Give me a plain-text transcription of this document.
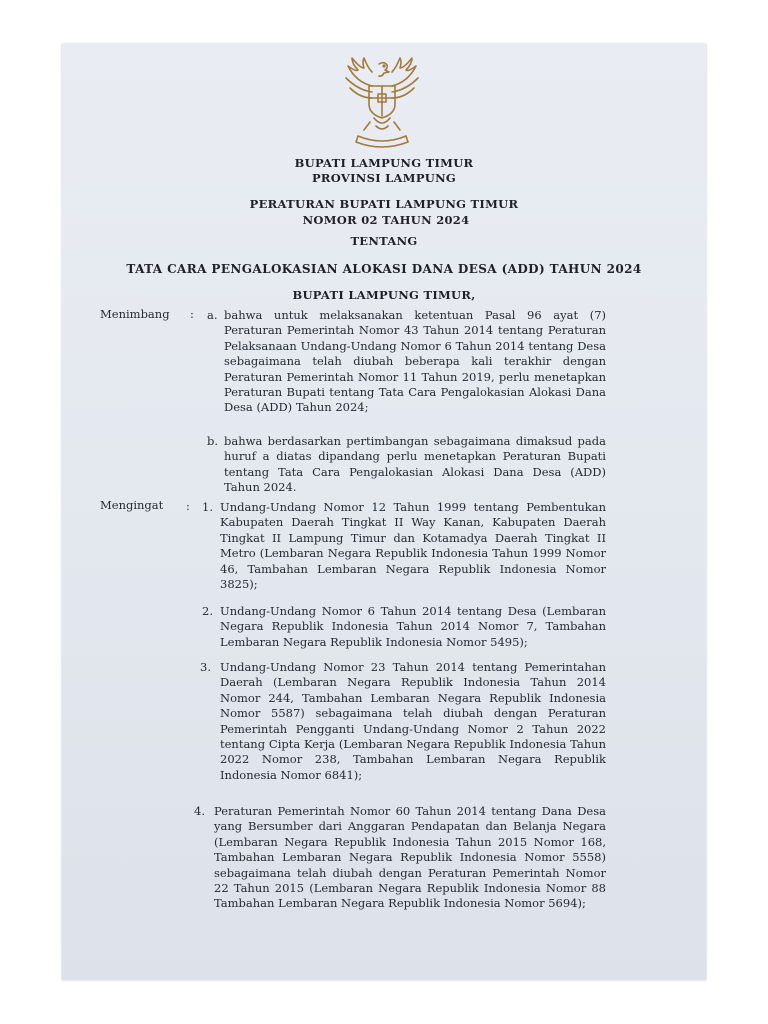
BUPATI LAMPUNG TIMUR
PROVINSI LAMPUNG
PERATURAN BUPATI LAMPUNG TIMUR
NOMOR 02 TAHUN 2024
TENTANG
TATA CARA PENGALOKASIAN ALOKASI DANA DESA (ADD) TAHUN 2024
BUPATI LAMPUNG TIMUR,
Menimbang : a. bahwa untuk melaksanakan ketentuan Pasal 96 ayat (7) Peraturan Pemerintah Nomor 43 Tahun 2014 tentang Peraturan Pelaksanaan Undang-Undang Nomor 6 Tahun 2014 tentang Desa sebagaimana telah diubah beberapa kali terakhir dengan Peraturan Pemerintah Nomor 11 Tahun 2019, perlu menetapkan Peraturan Bupati tentang Tata Cara Pengalokasian Alokasi Dana Desa (ADD) Tahun 2024;

b. bahwa berdasarkan pertimbangan sebagaimana dimaksud pada huruf a diatas dipandang perlu menetapkan Peraturan Bupati tentang Tata Cara Pengalokasian Alokasi Dana Desa (ADD) Tahun 2024.

Mengingat : 1. Undang-Undang Nomor 12 Tahun 1999 tentang Pembentukan Kabupaten Daerah Tingkat II Way Kanan, Kabupaten Daerah Tingkat II Lampung Timur dan Kotamadya Daerah Tingkat II Metro (Lembaran Negara Republik Indonesia Tahun 1999 Nomor 46, Tambahan Lembaran Negara Republik Indonesia Nomor 3825);

2. Undang-Undang Nomor 6 Tahun 2014 tentang Desa (Lembaran Negara Republik Indonesia Tahun 2014 Nomor 7, Tambahan Lembaran Negara Republik Indonesia Nomor 5495);

3. Undang-Undang Nomor 23 Tahun 2014 tentang Pemerintahan Daerah (Lembaran Negara Republik Indonesia Tahun 2014 Nomor 244, Tambahan Lembaran Negara Republik Indonesia Nomor 5587) sebagaimana telah diubah dengan Peraturan Pemerintah Pengganti Undang-Undang Nomor 2 Tahun 2022 tentang Cipta Kerja (Lembaran Negara Republik Indonesia Tahun 2022 Nomor 238, Tambahan Lembaran Negara Republik Indonesia Nomor 6841);

4. Peraturan Pemerintah Nomor 60 Tahun 2014 tentang Dana Desa yang Bersumber dari Anggaran Pendapatan dan Belanja Negara (Lembaran Negara Republik Indonesia Tahun 2015 Nomor 168, Tambahan Lembaran Negara Republik Indonesia Nomor 5558) sebagaimana telah diubah dengan Peraturan Pemerintah Nomor 22 Tahun 2015 (Lembaran Negara Republik Indonesia Nomor 88 Tambahan Lembaran Negara Republik Indonesia Nomor 5694);
